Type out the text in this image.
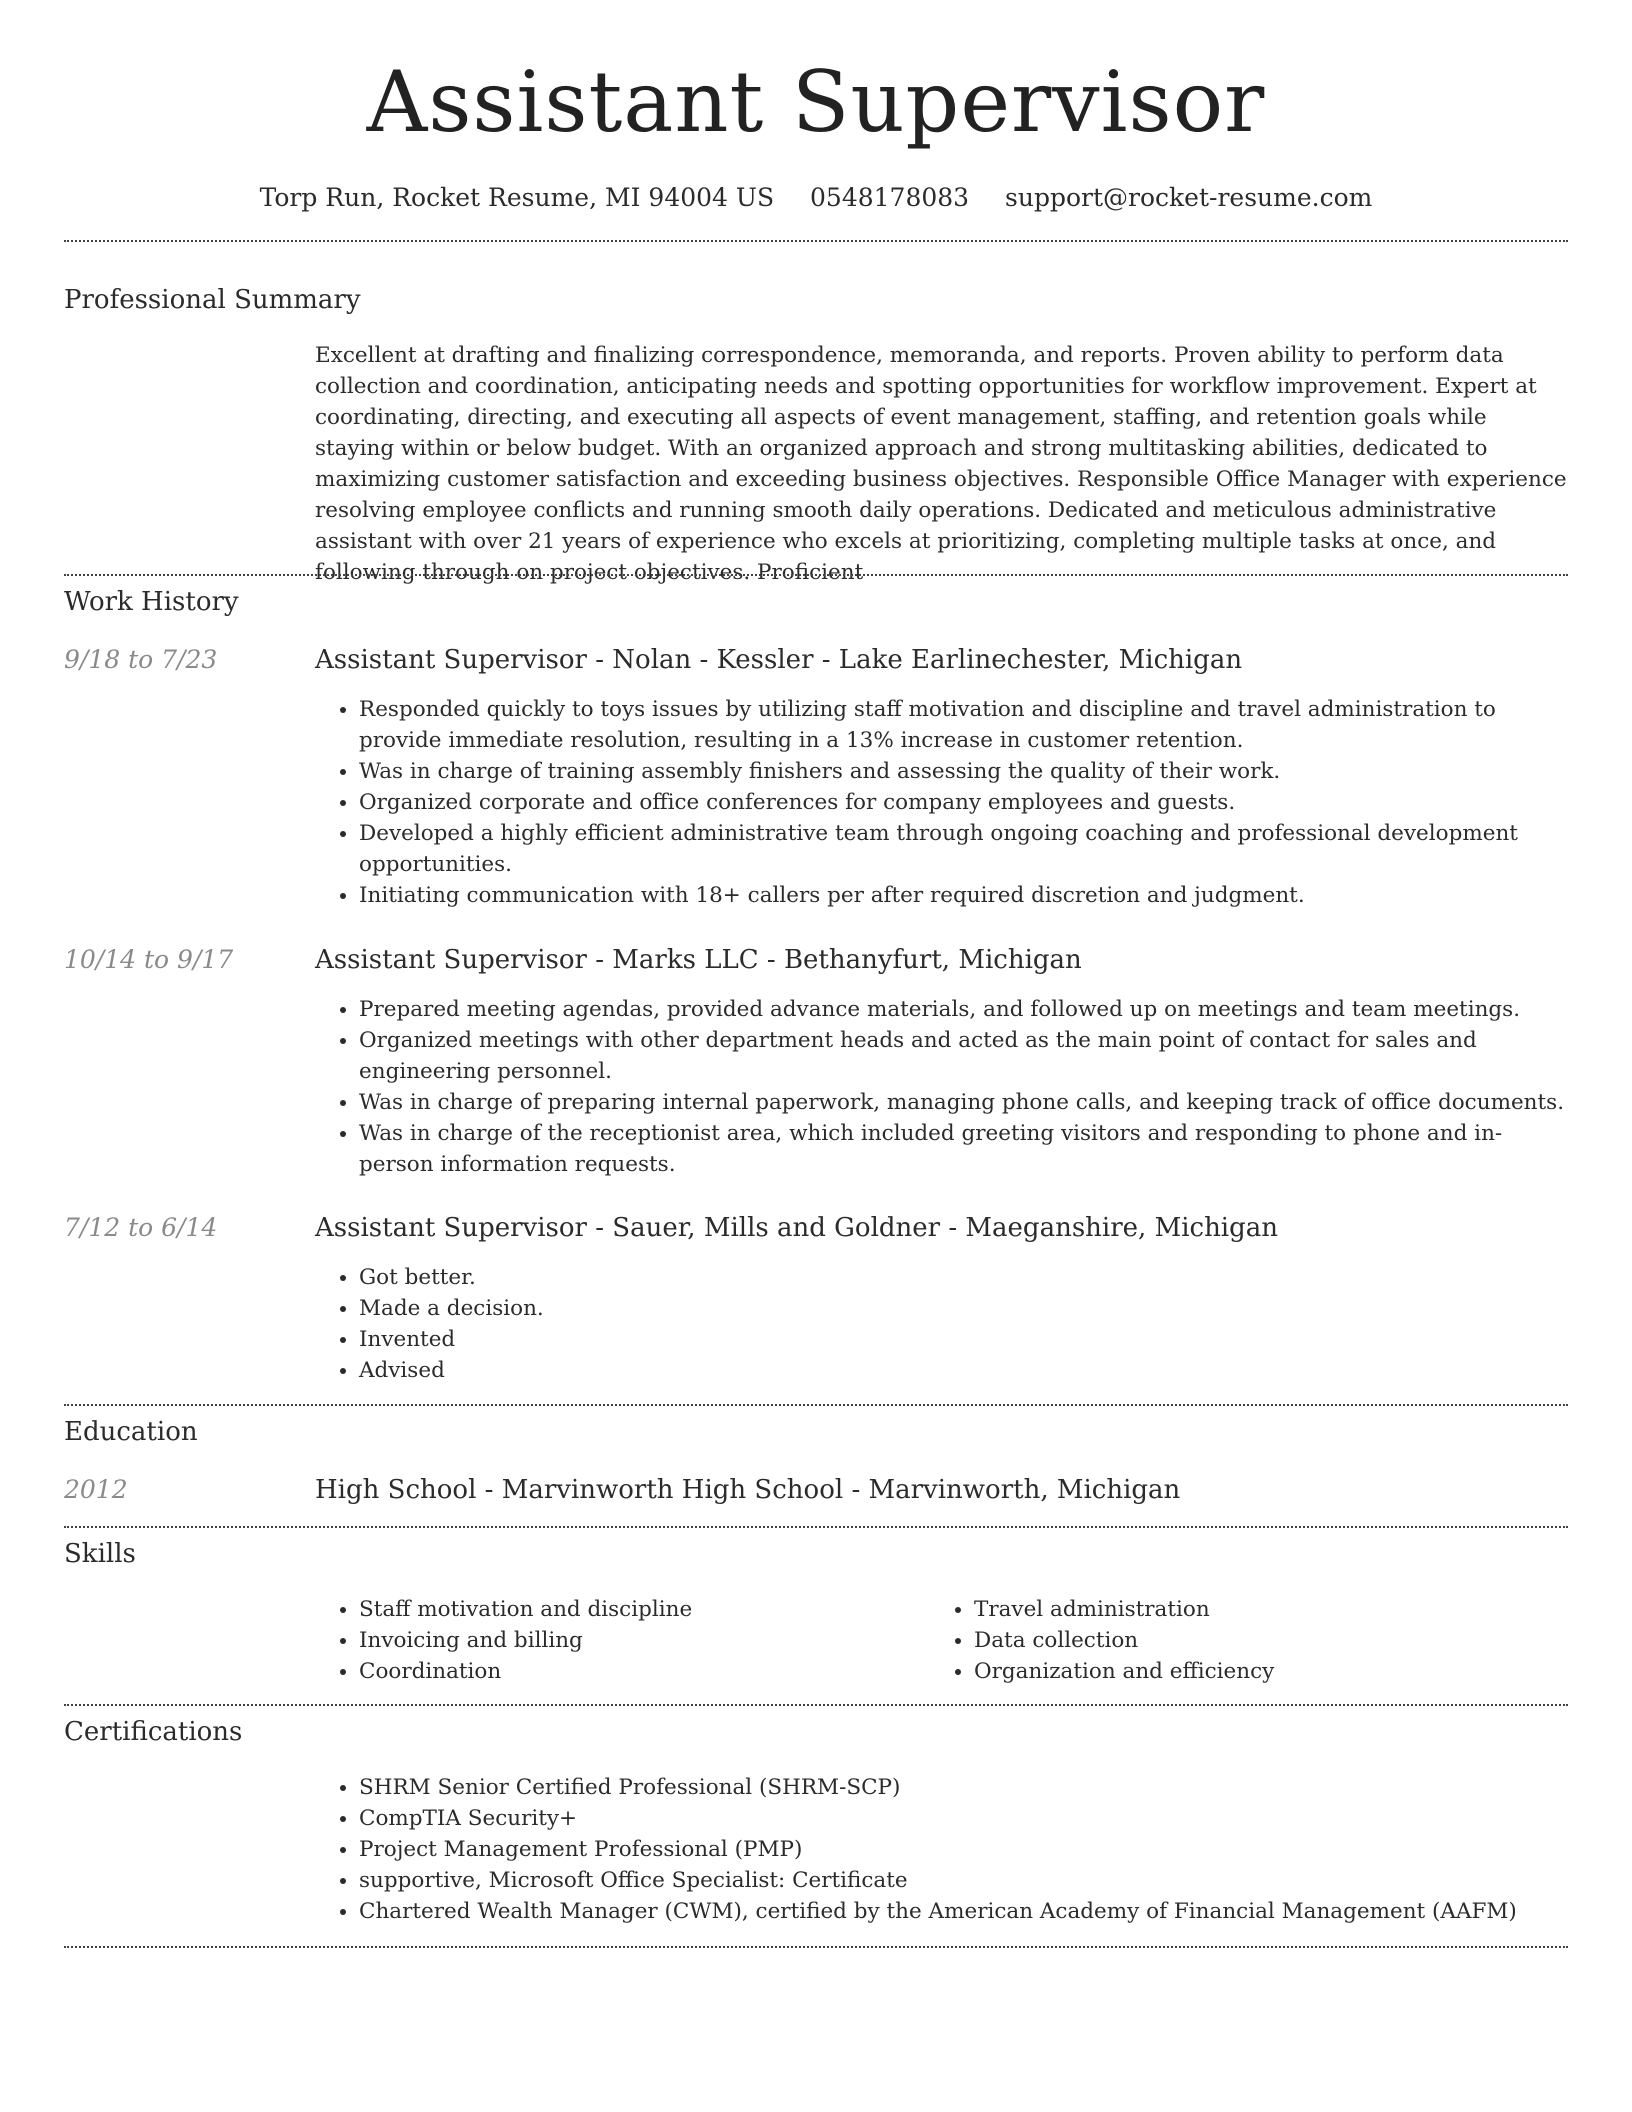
Assistant Supervisor
Torp Run, Rocket Resume, MI 94004 US 0548178083 support@rocket-resume.com
Professional Summary

Excellent at drafting and finalizing correspondence, memoranda, and reports. Proven ability to perform data collection and coordination, anticipating needs and spotting opportunities for workflow improvement. Expert at coordinating, directing, and executing all aspects of event management, staffing, and retention goals while staying within or below budget. With an organized approach and strong multitasking abilities, dedicated to maximizing customer satisfaction and exceeding business objectives. Responsible Office Manager with experience resolving employee conflicts and running smooth daily operations. Dedicated and meticulous administrative assistant with over 21 years of experience who excels at prioritizing, completing multiple tasks at once, and following through on project objectives. Proficient

Work History
9/18 to 7/23	Assistant Supervisor - Nolan - Kessler - Lake Earlinechester, Michigan
• Responded quickly to toys issues by utilizing staff motivation and discipline and travel administration to provide immediate resolution, resulting in a 13% increase in customer retention.
• Was in charge of training assembly finishers and assessing the quality of their work.
• Organized corporate and office conferences for company employees and guests.
• Developed a highly efficient administrative team through ongoing coaching and professional development opportunities.
• Initiating communication with 18+ callers per after required discretion and judgment.
10/14 to 9/17	Assistant Supervisor - Marks LLC - Bethanyfurt, Michigan
• Prepared meeting agendas, provided advance materials, and followed up on meetings and team meetings.
• Organized meetings with other department heads and acted as the main point of contact for sales and engineering personnel.
• Was in charge of preparing internal paperwork, managing phone calls, and keeping track of office documents.
• Was in charge of the receptionist area, which included greeting visitors and responding to phone and in-person information requests.
7/12 to 6/14	Assistant Supervisor - Sauer, Mills and Goldner - Maeganshire, Michigan
• Got better.
• Made a decision.
• Invented
• Advised
Education
2012	High School - Marvinworth High School - Marvinworth, Michigan
Skills
• Staff motivation and discipline
• Invoicing and billing
• Coordination
• Travel administration
• Data collection
• Organization and efficiency
Certifications
• SHRM Senior Certified Professional (SHRM-SCP)
• CompTIA Security+
• Project Management Professional (PMP)
• supportive, Microsoft Office Specialist: Certificate
• Chartered Wealth Manager (CWM), certified by the American Academy of Financial Management (AAFM)
